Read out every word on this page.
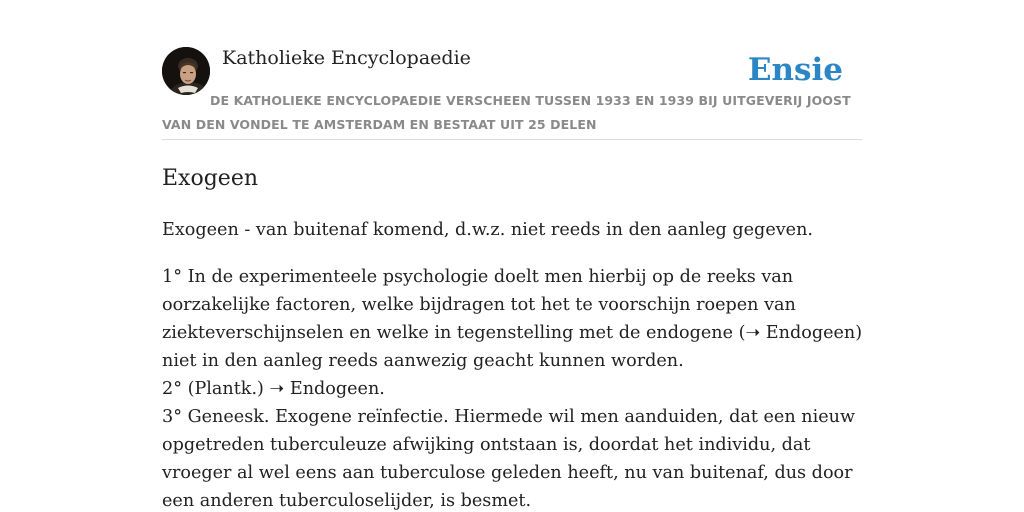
Katholieke Encyclopaedie	Ensie

DE KATHOLIEKE ENCYCLOPAEDIE VERSCHEEN TUSSEN 1933 EN 1939 BIJ UITGEVERIJ JOOST VAN DEN VONDEL TE AMSTERDAM EN BESTAAT UIT 25 DELEN

Exogeen

Exogeen - van buitenaf komend, d.w.z. niet reeds in den aanleg gegeven.

1° In de experimenteele psychologie doelt men hierbij op de reeks van oorzakelijke factoren, welke bijdragen tot het te voorschijn roepen van ziekteverschijnselen en welke in tegenstelling met de endogene (➝ Endogeen) niet in den aanleg reeds aanwezig geacht kunnen worden.
2° (Plantk.) ➝ Endogeen.
3° Geneesk. Exogene reïnfectie. Hiermede wil men aanduiden, dat een nieuw opgetreden tuberculeuze afwijking ontstaan is, doordat het individu, dat vroeger al wel eens aan tuberculose geleden heeft, nu van buitenaf, dus door een anderen tuberculoselijder, is besmet.
